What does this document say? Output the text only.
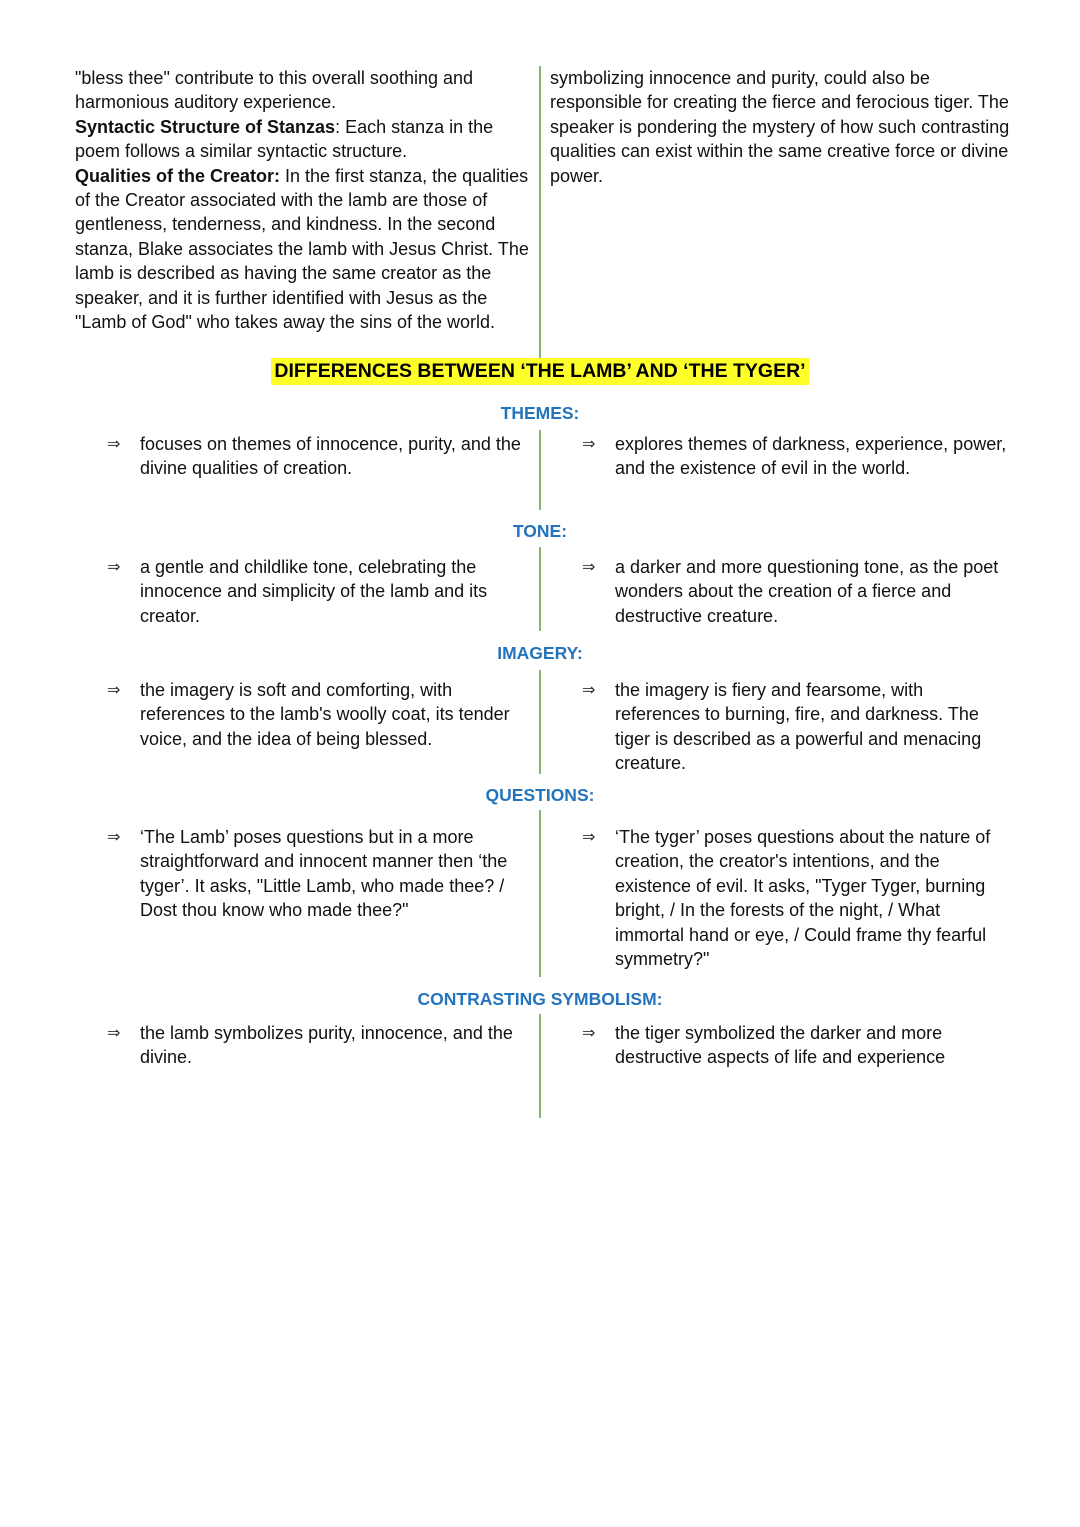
"bless thee" contribute to this overall soothing and harmonious auditory experience.

Syntactic Structure of Stanzas: Each stanza in the poem follows a similar syntactic structure.

Qualities of the Creator: In the first stanza, the qualities of the Creator associated with the lamb are those of gentleness, tenderness, and kindness. In the second stanza, Blake associates the lamb with Jesus Christ. The lamb is described as having the same creator as the speaker, and it is further identified with Jesus as the "Lamb of God" who takes away the sins of the world.

symbolizing innocence and purity, could also be responsible for creating the fierce and ferocious tiger. The speaker is pondering the mystery of how such contrasting qualities can exist within the same creative force or divine power.

DIFFERENCES BETWEEN ‘THE LAMB’ AND ‘THE TYGER’
THEMES:
⇒	focuses on themes of innocence, purity, and the divine qualities of creation.
⇒	explores themes of darkness, experience, power, and the existence of evil in the world.
TONE:
⇒	a gentle and childlike tone, celebrating the innocence and simplicity of the lamb and its creator.
⇒	a darker and more questioning tone, as the poet wonders about the creation of a fierce and destructive creature.
IMAGERY:
⇒	the imagery is soft and comforting, with references to the lamb's woolly coat, its tender voice, and the idea of being blessed.
⇒	the imagery is fiery and fearsome, with references to burning, fire, and darkness. The tiger is described as a powerful and menacing creature.
QUESTIONS:
⇒	‘The Lamb’ poses questions but in a more straightforward and innocent manner then ‘the tyger’. It asks, "Little Lamb, who made thee? / Dost thou know who made thee?"
⇒	‘The tyger’ poses questions about the nature of creation, the creator's intentions, and the existence of evil. It asks, "Tyger Tyger, burning bright, / In the forests of the night, / What immortal hand or eye, / Could frame thy fearful symmetry?"
CONTRASTING SYMBOLISM:
⇒	the lamb symbolizes purity, innocence, and the divine.
⇒	the tiger symbolized the darker and more destructive aspects of life and experience
